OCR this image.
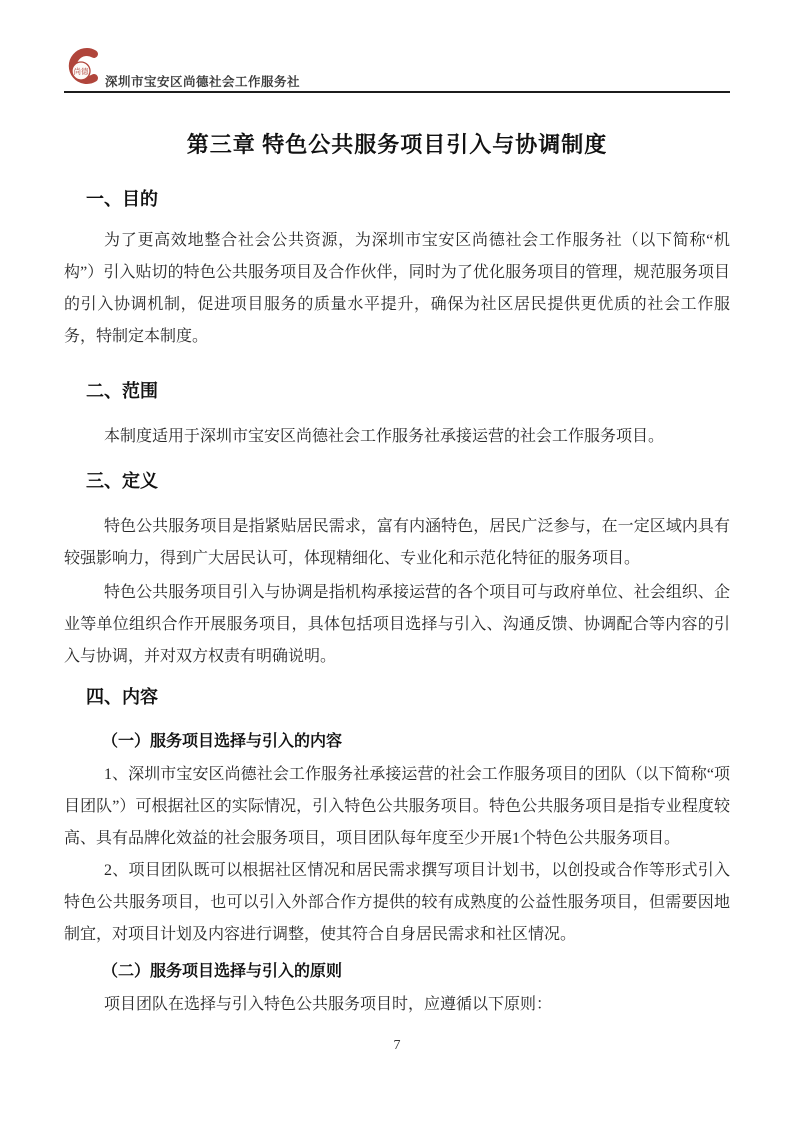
尚德
深圳市宝安区尚德社会工作服务社
第三章 特色公共服务项目引入与协调制度
一、目的

为了更高效地整合社会公共资源，为深圳市宝安区尚德社会工作服务社（以下简称“机构”）引入贴切的特色公共服务项目及合作伙伴，同时为了优化服务项目的管理，规范服务项目的引入协调机制，促进项目服务的质量水平提升，确保为社区居民提供更优质的社会工作服务，特制定本制度。

二、范围

本制度适用于深圳市宝安区尚德社会工作服务社承接运营的社会工作服务项目。

三、定义

特色公共服务项目是指紧贴居民需求，富有内涵特色，居民广泛参与，在一定区域内具有较强影响力，得到广大居民认可，体现精细化、专业化和示范化特征的服务项目。

特色公共服务项目引入与协调是指机构承接运营的各个项目可与政府单位、社会组织、企业等单位组织合作开展服务项目，具体包括项目选择与引入、沟通反馈、协调配合等内容的引入与协调，并对双方权责有明确说明。

四、内容
（一）服务项目选择与引入的内容

1、深圳市宝安区尚德社会工作服务社承接运营的社会工作服务项目的团队（以下简称“项目团队”）可根据社区的实际情况，引入特色公共服务项目。特色公共服务项目是指专业程度较高、具有品牌化效益的社会服务项目，项目团队每年度至少开展1个特色公共服务项目。

2、项目团队既可以根据社区情况和居民需求撰写项目计划书，以创投或合作等形式引入特色公共服务项目，也可以引入外部合作方提供的较有成熟度的公益性服务项目，但需要因地制宜，对项目计划及内容进行调整，使其符合自身居民需求和社区情况。

（二）服务项目选择与引入的原则

项目团队在选择与引入特色公共服务项目时，应遵循以下原则：

7
